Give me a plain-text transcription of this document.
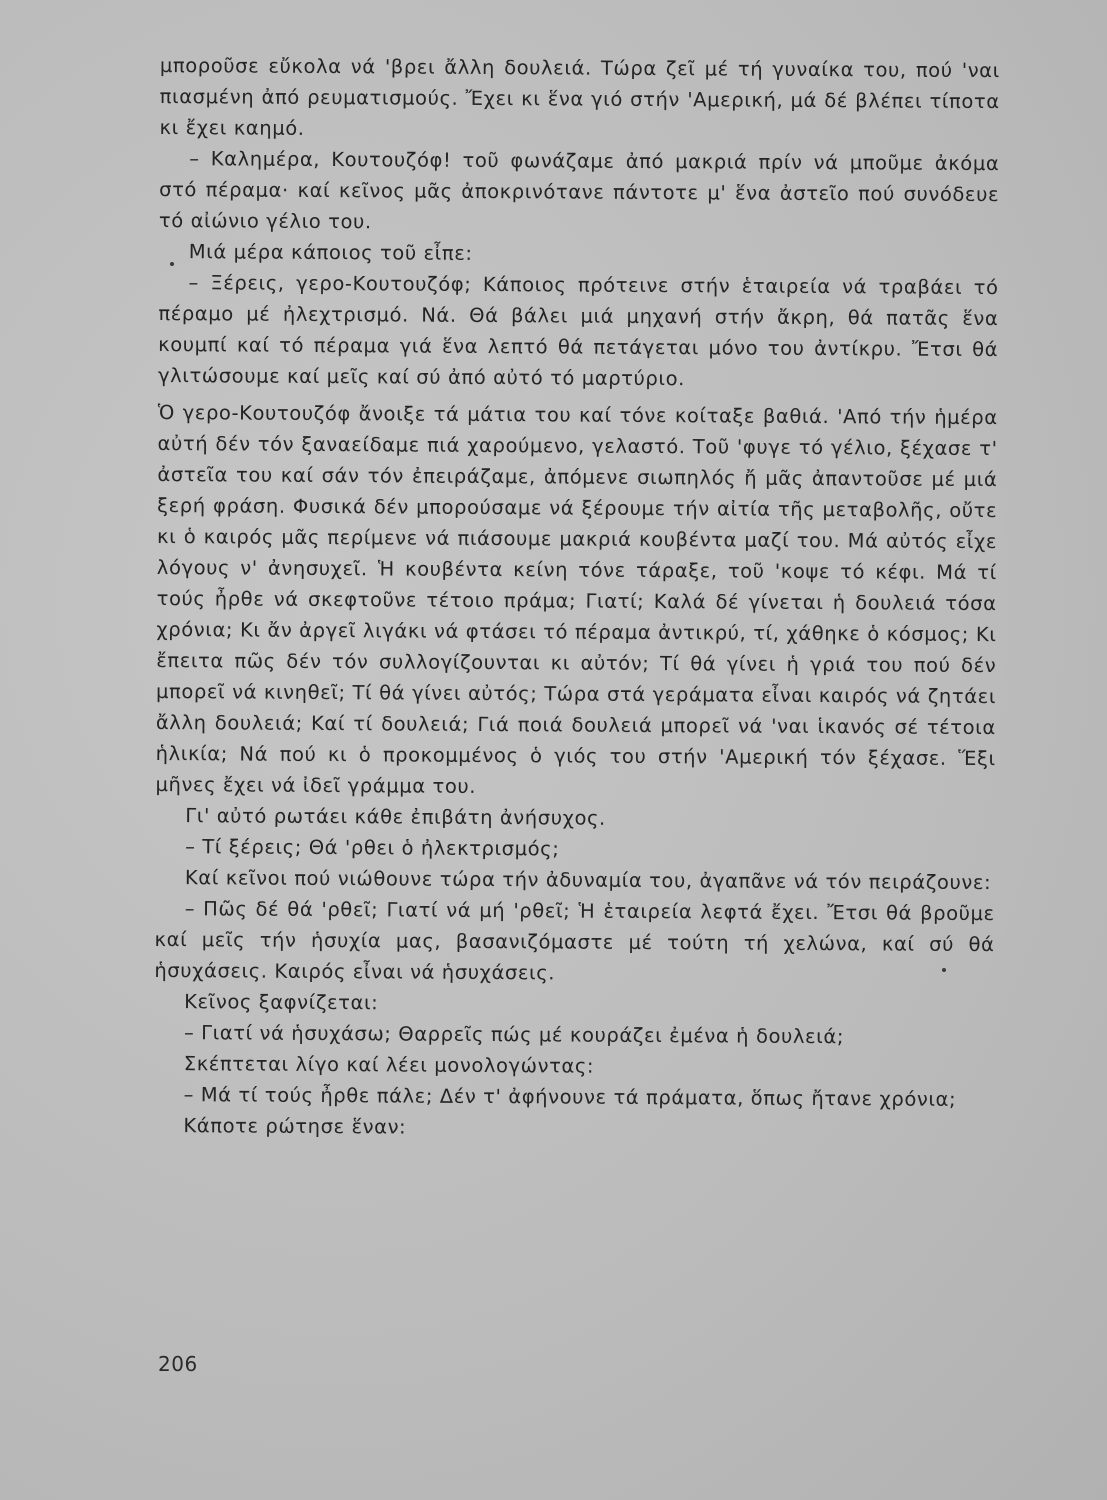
μποροῦσε εὔκολα νά 'βρει ἄλλη δουλειά. Τώρα ζεῖ μέ τή γυναίκα του, πού 'ναι πιασμένη ἀπό ρευματισμούς. Ἔχει κι ἕνα γιό στήν 'Αμερική, μά δέ βλέπει τίποτα κι ἔχει καημό.

– Καλημέρα, Κουτουζόφ! τοῦ φωνάζαμε ἀπό μακριά πρίν νά μποῦμε ἀκόμα στό πέραμα· καί κεῖνος μᾶς ἀποκρινότανε πάντοτε μ' ἕνα ἀστεῖο πού συνόδευε τό αἰώνιο γέλιο του.

Μιά μέρα κάποιος τοῦ εἶπε:

– Ξέρεις, γερο-Κουτουζόφ; Κάποιος πρότεινε στήν ἑταιρεία νά τραβάει τό πέραμο μέ ἠλεχτρισμό. Νά. Θά βάλει μιά μηχανή στήν ἄκρη, θά πατᾶς ἕνα κουμπί καί τό πέραμα γιά ἕνα λεπτό θά πετάγεται μόνο του ἀντίκρυ. Ἔτσι θά γλιτώσουμε καί μεῖς καί σύ ἀπό αὐτό τό μαρτύριο.

Ὁ γερο-Κουτουζόφ ἄνοιξε τά μάτια του καί τόνε κοίταξε βαθιά. 'Από τήν ἡμέρα αὐτή δέν τόν ξαναείδαμε πιά χαρούμενο, γελαστό. Τοῦ 'φυγε τό γέλιο, ξέχασε τ' ἀστεῖα του καί σάν τόν ἐπειράζαμε, ἀπόμενε σιωπηλός ἤ μᾶς ἀπαντοῦσε μέ μιά ξερή φράση. Φυσικά δέν μπορούσαμε νά ξέρουμε τήν αἰτία τῆς μεταβολῆς, οὔτε κι ὁ καιρός μᾶς περίμενε νά πιάσουμε μακριά κουβέντα μαζί του. Μά αὐτός εἶχε λόγους ν' ἀνησυχεῖ. Ἡ κουβέντα κείνη τόνε τάραξε, τοῦ 'κοψε τό κέφι. Μά τί τούς ἦρθε νά σκεφτοῦνε τέτοιο πράμα; Γιατί; Καλά δέ γίνεται ἡ δουλειά τόσα χρόνια; Κι ἄν ἀργεῖ λιγάκι νά φτάσει τό πέραμα ἀντικρύ, τί, χάθηκε ὁ κόσμος; Κι ἔπειτα πῶς δέν τόν συλλογίζουνται κι αὐτόν; Τί θά γίνει ἡ γριά του πού δέν μπορεῖ νά κινηθεῖ; Τί θά γίνει αὐτός; Τώρα στά γεράματα εἶναι καιρός νά ζητάει ἄλλη δουλειά; Καί τί δουλειά; Γιά ποιά δουλειά μπορεῖ νά 'ναι ἱκανός σέ τέτοια ἡλικία; Νά πού κι ὁ προκομμένος ὁ γιός του στήν 'Αμερική τόν ξέχασε. Ἕξι μῆνες ἔχει νά ἰδεῖ γράμμα του.

Γι' αὐτό ρωτάει κάθε ἐπιβάτη ἀνήσυχος.

– Τί ξέρεις; Θά 'ρθει ὁ ἠλεκτρισμός;

Καί κεῖνοι πού νιώθουνε τώρα τήν ἀδυναμία του, ἀγαπᾶνε νά τόν πειράζουνε:

– Πῶς δέ θά 'ρθεῖ; Γιατί νά μή 'ρθεῖ; Ἡ ἑταιρεία λεφτά ἔχει. Ἔτσι θά βροῦμε καί μεῖς τήν ἡσυχία μας, βασανιζόμαστε μέ τούτη τή χελώνα, καί σύ θά ἡσυχάσεις. Καιρός εἶναι νά ἡσυχάσεις.

Κεῖνος ξαφνίζεται:

– Γιατί νά ἡσυχάσω; Θαρρεῖς πώς μέ κουράζει ἐμένα ἡ δουλειά;

Σκέπτεται λίγο καί λέει μονολογώντας:

– Μά τί τούς ἦρθε πάλε; Δέν τ' ἀφήνουνε τά πράματα, ὅπως ἤτανε χρόνια;

Κάποτε ρώτησε ἕναν:

206
